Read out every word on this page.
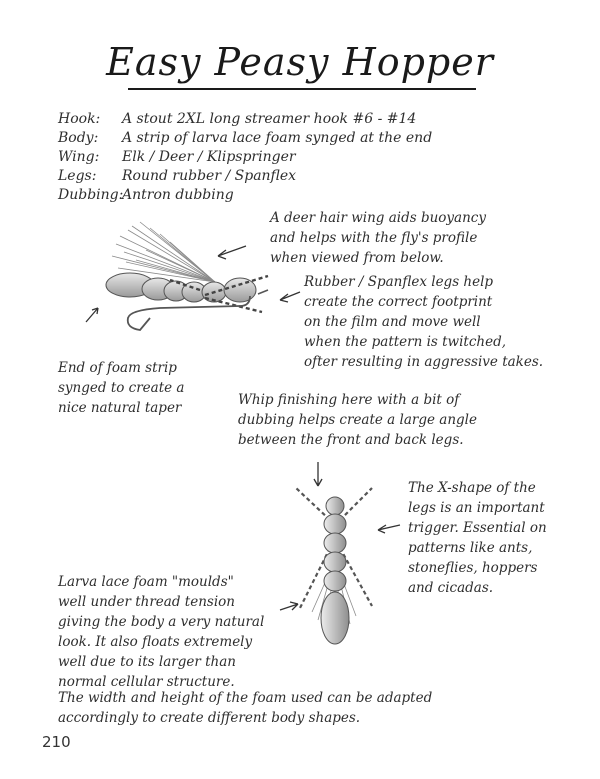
Easy Peasy Hopper
Hook: A stout 2XL long streamer hook #6 - #14
Body: A strip of larva lace foam synged at the end
Wing: Elk / Deer / Klipspringer
Legs: Round rubber / Spanflex
Dubbing:Antron dubbing
A deer hair wing aids buoyancy
and helps with the fly's profile
when viewed from below.
Rubber / Spanflex legs help
create the correct footprint
on the film and move well
when the pattern is twitched,
ofter resulting in aggressive takes.
End of foam strip
synged to create a
nice natural taper	Whip finishing here with a bit of
dubbing helps create a large angle
between the front and back legs.
The X-shape of the
legs is an important
trigger. Essential on
patterns like ants,
stoneflies, hoppers
and cicadas.
Larva lace foam "moulds"
well under thread tension
giving the body a very natural
look. It also floats extremely
well due to its larger than
normal cellular structure.
The width and height of the foam used can be adapted
accordingly to create different body shapes.
210
